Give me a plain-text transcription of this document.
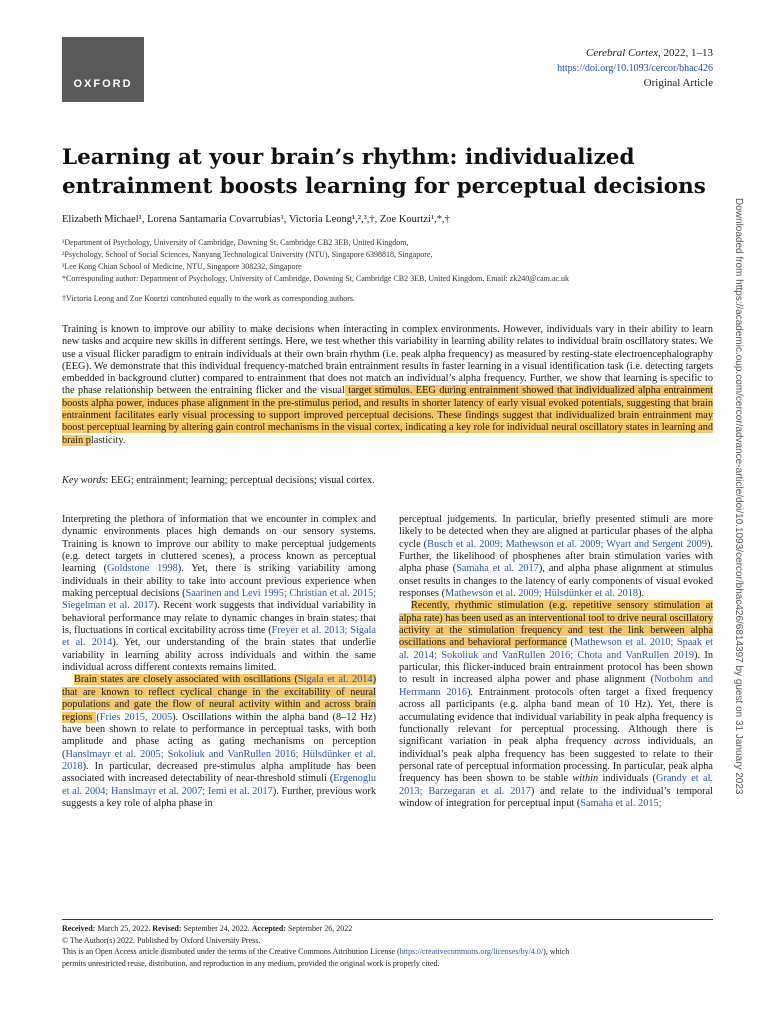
OXFORD
Cerebral Cortex, 2022, 1–13
https://doi.org/10.1093/cercor/bhac426
Original Article
Learning at your brain’s rhythm: individualized entrainment boosts learning for perceptual decisions
Elizabeth Michael¹ , Lorena Santamaria Covarrubias¹ , Victoria Leong¹,²,³,† , Zoe Kourtzi¹,*,†
¹Department of Psychology, University of Cambridge, Downing St, Cambridge CB2 3EB, United Kingdom,
²Psychology, School of Social Sciences, Nanyang Technological University (NTU), Singapore 6398818, Singapore,
³Lee Kong Chian School of Medicine, NTU, Singapore 308232, Singapore
*Corresponding author: Department of Psychology, University of Cambridge, Downing St, Cambridge CB2 3EB, United Kingdom. Email: zk240@cam.ac.uk
†Victoria Leong and Zoe Kourtzi contributed equally to the work as corresponding authors.

Training is known to improve our ability to make decisions when interacting in complex environments. However, individuals vary in their ability to learn new tasks and acquire new skills in different settings. Here, we test whether this variability in learning ability relates to individual brain oscillatory states. We use a visual flicker paradigm to entrain individuals at their own brain rhythm (i.e. peak alpha frequency) as measured by resting-state electroencephalography (EEG). We demonstrate that this individual frequency-matched brain entrainment results in faster learning in a visual identification task (i.e. detecting targets embedded in background clutter) compared to entrainment that does not match an individual’s alpha frequency. Further, we show that learning is specific to the phase relationship between the entraining flicker and the visual target stimulus. EEG during entrainment showed that individualized alpha entrainment boosts alpha power, induces phase alignment in the pre-stimulus period, and results in shorter latency of early visual evoked potentials, suggesting that brain entrainment facilitates early visual processing to support improved perceptual decisions. These findings suggest that individualized brain entrainment may boost perceptual learning by altering gain control mechanisms in the visual cortex, indicating a key role for individual neural oscillatory states in learning and brain plasticity.

Key words: EEG; entrainment; learning; perceptual decisions; visual cortex.

Interpreting the plethora of information that we encounter in complex and dynamic environments places high demands on our sensory systems. Training is known to improve our ability to make perceptual judgements (e.g. detect targets in cluttered scenes), a process known as perceptual learning (Goldstone 1998). Yet, there is striking variability among individuals in their ability to take into account previous experience when making perceptual decisions (Saarinen and Levi 1995; Christian et al. 2015; Siegelman et al. 2017). Recent work suggests that individual variability in behavioral performance may relate to dynamic changes in brain states; that is, fluctuations in cortical excitability across time (Freyer et al. 2013; Sigala et al. 2014). Yet, our understanding of the brain states that underlie variability in learning ability across individuals and within the same individual across different contexts remains limited.

Brain states are closely associated with oscillations (Sigala et al. 2014) that are known to reflect cyclical change in the excitability of neural populations and gate the flow of neural activity within and across brain regions (Fries 2015, 2005). Oscillations within the alpha band (8–12 Hz) have been shown to relate to performance in perceptual tasks, with both amplitude and phase acting as gating mechanisms on perception (Hanslmayr et al. 2005; Sokoliuk and VanRullen 2016; Hülsdünker et al. 2018). In particular, decreased pre-stimulus alpha amplitude has been associated with increased detectability of near-threshold stimuli (Ergenoglu et al. 2004; Hanslmayr et al. 2007; Iemi et al. 2017). Further, previous work suggests a key role of alpha phase in

perceptual judgements. In particular, briefly presented stimuli are more likely to be detected when they are aligned at particular phases of the alpha cycle (Busch et al. 2009; Mathewson et al. 2009; Wyart and Sergent 2009). Further, the likelihood of phosphenes after brain stimulation varies with alpha phase (Samaha et al. 2017), and alpha phase alignment at stimulus onset results in changes to the latency of early components of visual evoked responses (Mathewson et al. 2009; Hülsdünker et al. 2018).

Recently, rhythmic stimulation (e.g. repetitive sensory stimulation at alpha rate) has been used as an interventional tool to drive neural oscillatory activity at the stimulation frequency and test the link between alpha oscillations and behavioral performance (Mathewson et al. 2010; Spaak et al. 2014; Sokoliuk and VanRullen 2016; Chota and VanRullen 2019). In particular, this flicker-induced brain entrainment protocol has been shown to result in increased alpha power and phase alignment (Notbohm and Herrmann 2016). Entrainment protocols often target a fixed frequency across all participants (e.g. alpha band mean of 10 Hz). Yet, there is accumulating evidence that individual variability in peak alpha frequency is functionally relevant for perceptual processing. Although there is significant variation in peak alpha frequency across individuals, an individual’s peak alpha frequency has been suggested to relate to their personal rate of perceptual information processing. In particular, peak alpha frequency has been shown to be stable within individuals (Grandy et al. 2013; Barzegaran et al. 2017) and relate to the individual’s temporal window of integration for perceptual input (Samaha et al. 2015;

Received: March 25, 2022. Revised: September 24, 2022. Accepted: September 26, 2022
© The Author(s) 2022. Published by Oxford University Press.
This is an Open Access article distributed under the terms of the Creative Commons Attribution License (https://creativecommons.org/licenses/by/4.0/), which
permits unrestricted reuse, distribution, and reproduction in any medium, provided the original work is properly cited.
Downloaded from https://academic.oup.com/cercor/advance-article/doi/10.1093/cercor/bhac426/6814397 by guest on 31 January 2023
